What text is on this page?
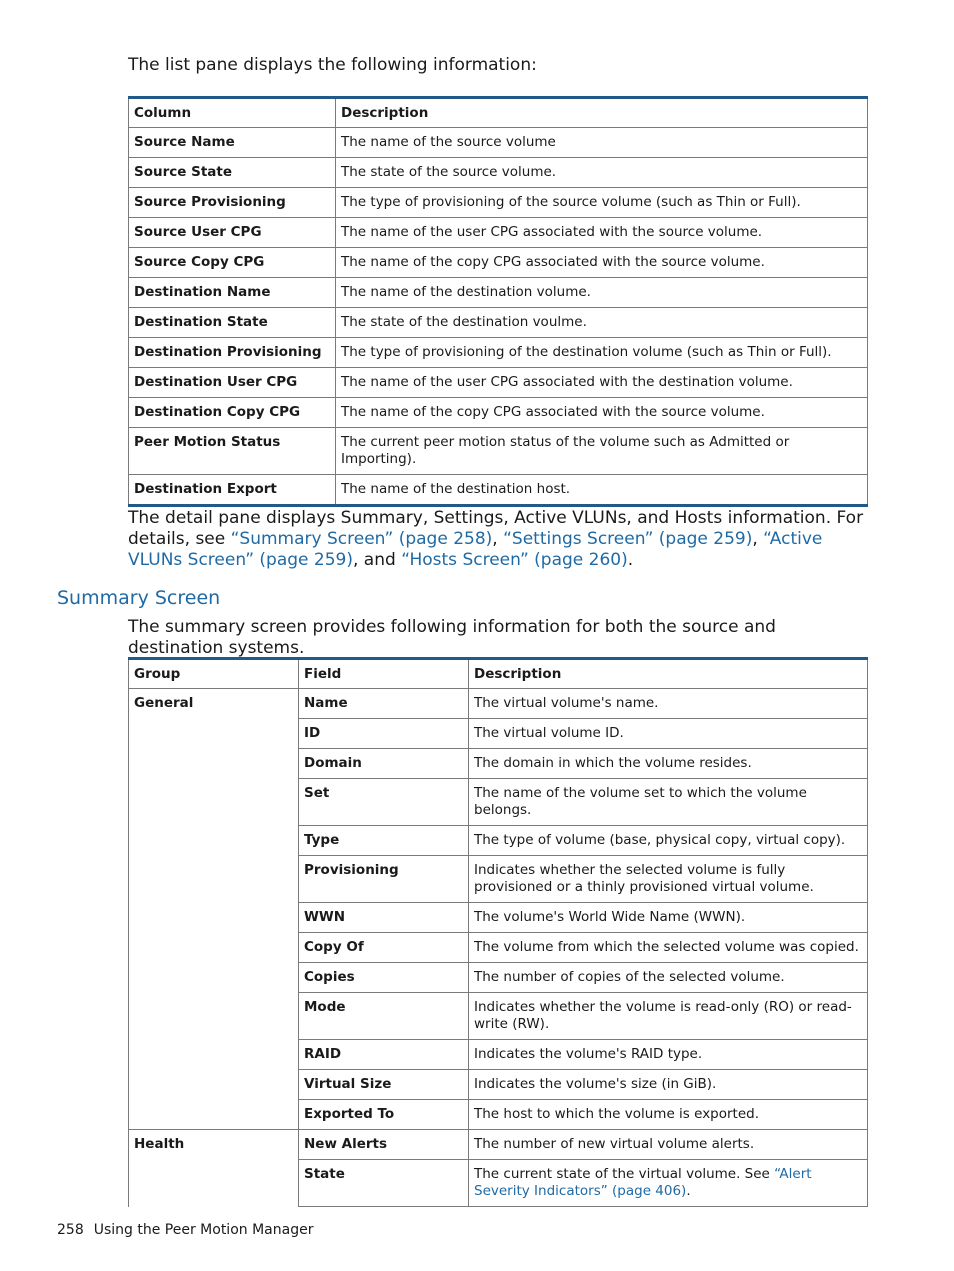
The list pane displays the following information:
Column	Description
Source Name	The name of the source volume
Source State	The state of the source volume.
Source Provisioning	The type of provisioning of the source volume (such as Thin or Full).
Source User CPG	The name of the user CPG associated with the source volume.
Source Copy CPG	The name of the copy CPG associated with the source volume.
Destination Name	The name of the destination volume.
Destination State	The state of the destination voulme.
Destination Provisioning	The type of provisioning of the destination volume (such as Thin or Full).
Destination User CPG	The name of the user CPG associated with the destination volume.
Destination Copy CPG	The name of the copy CPG associated with the source volume.
Peer Motion Status	The current peer motion status of the volume such as Admitted or Importing).
Destination Export	The name of the destination host.
The detail pane displays Summary, Settings, Active VLUNs, and Hosts information. For details, see “Summary Screen” (page 258), “Settings Screen” (page 259), “Active VLUNs Screen” (page 259), and “Hosts Screen” (page 260).
Summary Screen
The summary screen provides following information for both the source and destination systems.
Group	Field	Description
General	Name	The virtual volume's name.
	ID	The virtual volume ID.
	Domain	The domain in which the volume resides.
	Set	The name of the volume set to which the volume belongs.
	Type	The type of volume (base, physical copy, virtual copy).
	Provisioning	Indicates whether the selected volume is fully provisioned or a thinly provisioned virtual volume.
	WWN	The volume's World Wide Name (WWN).
	Copy Of	The volume from which the selected volume was copied.
	Copies	The number of copies of the selected volume.
	Mode	Indicates whether the volume is read-only (RO) or read-write (RW).
	RAID	Indicates the volume's RAID type.
	Virtual Size	Indicates the volume's size (in GiB).
	Exported To	The host to which the volume is exported.
Health	New Alerts	The number of new virtual volume alerts.
	State	The current state of the virtual volume. See “Alert Severity Indicators” (page 406).
258 Using the Peer Motion Manager
